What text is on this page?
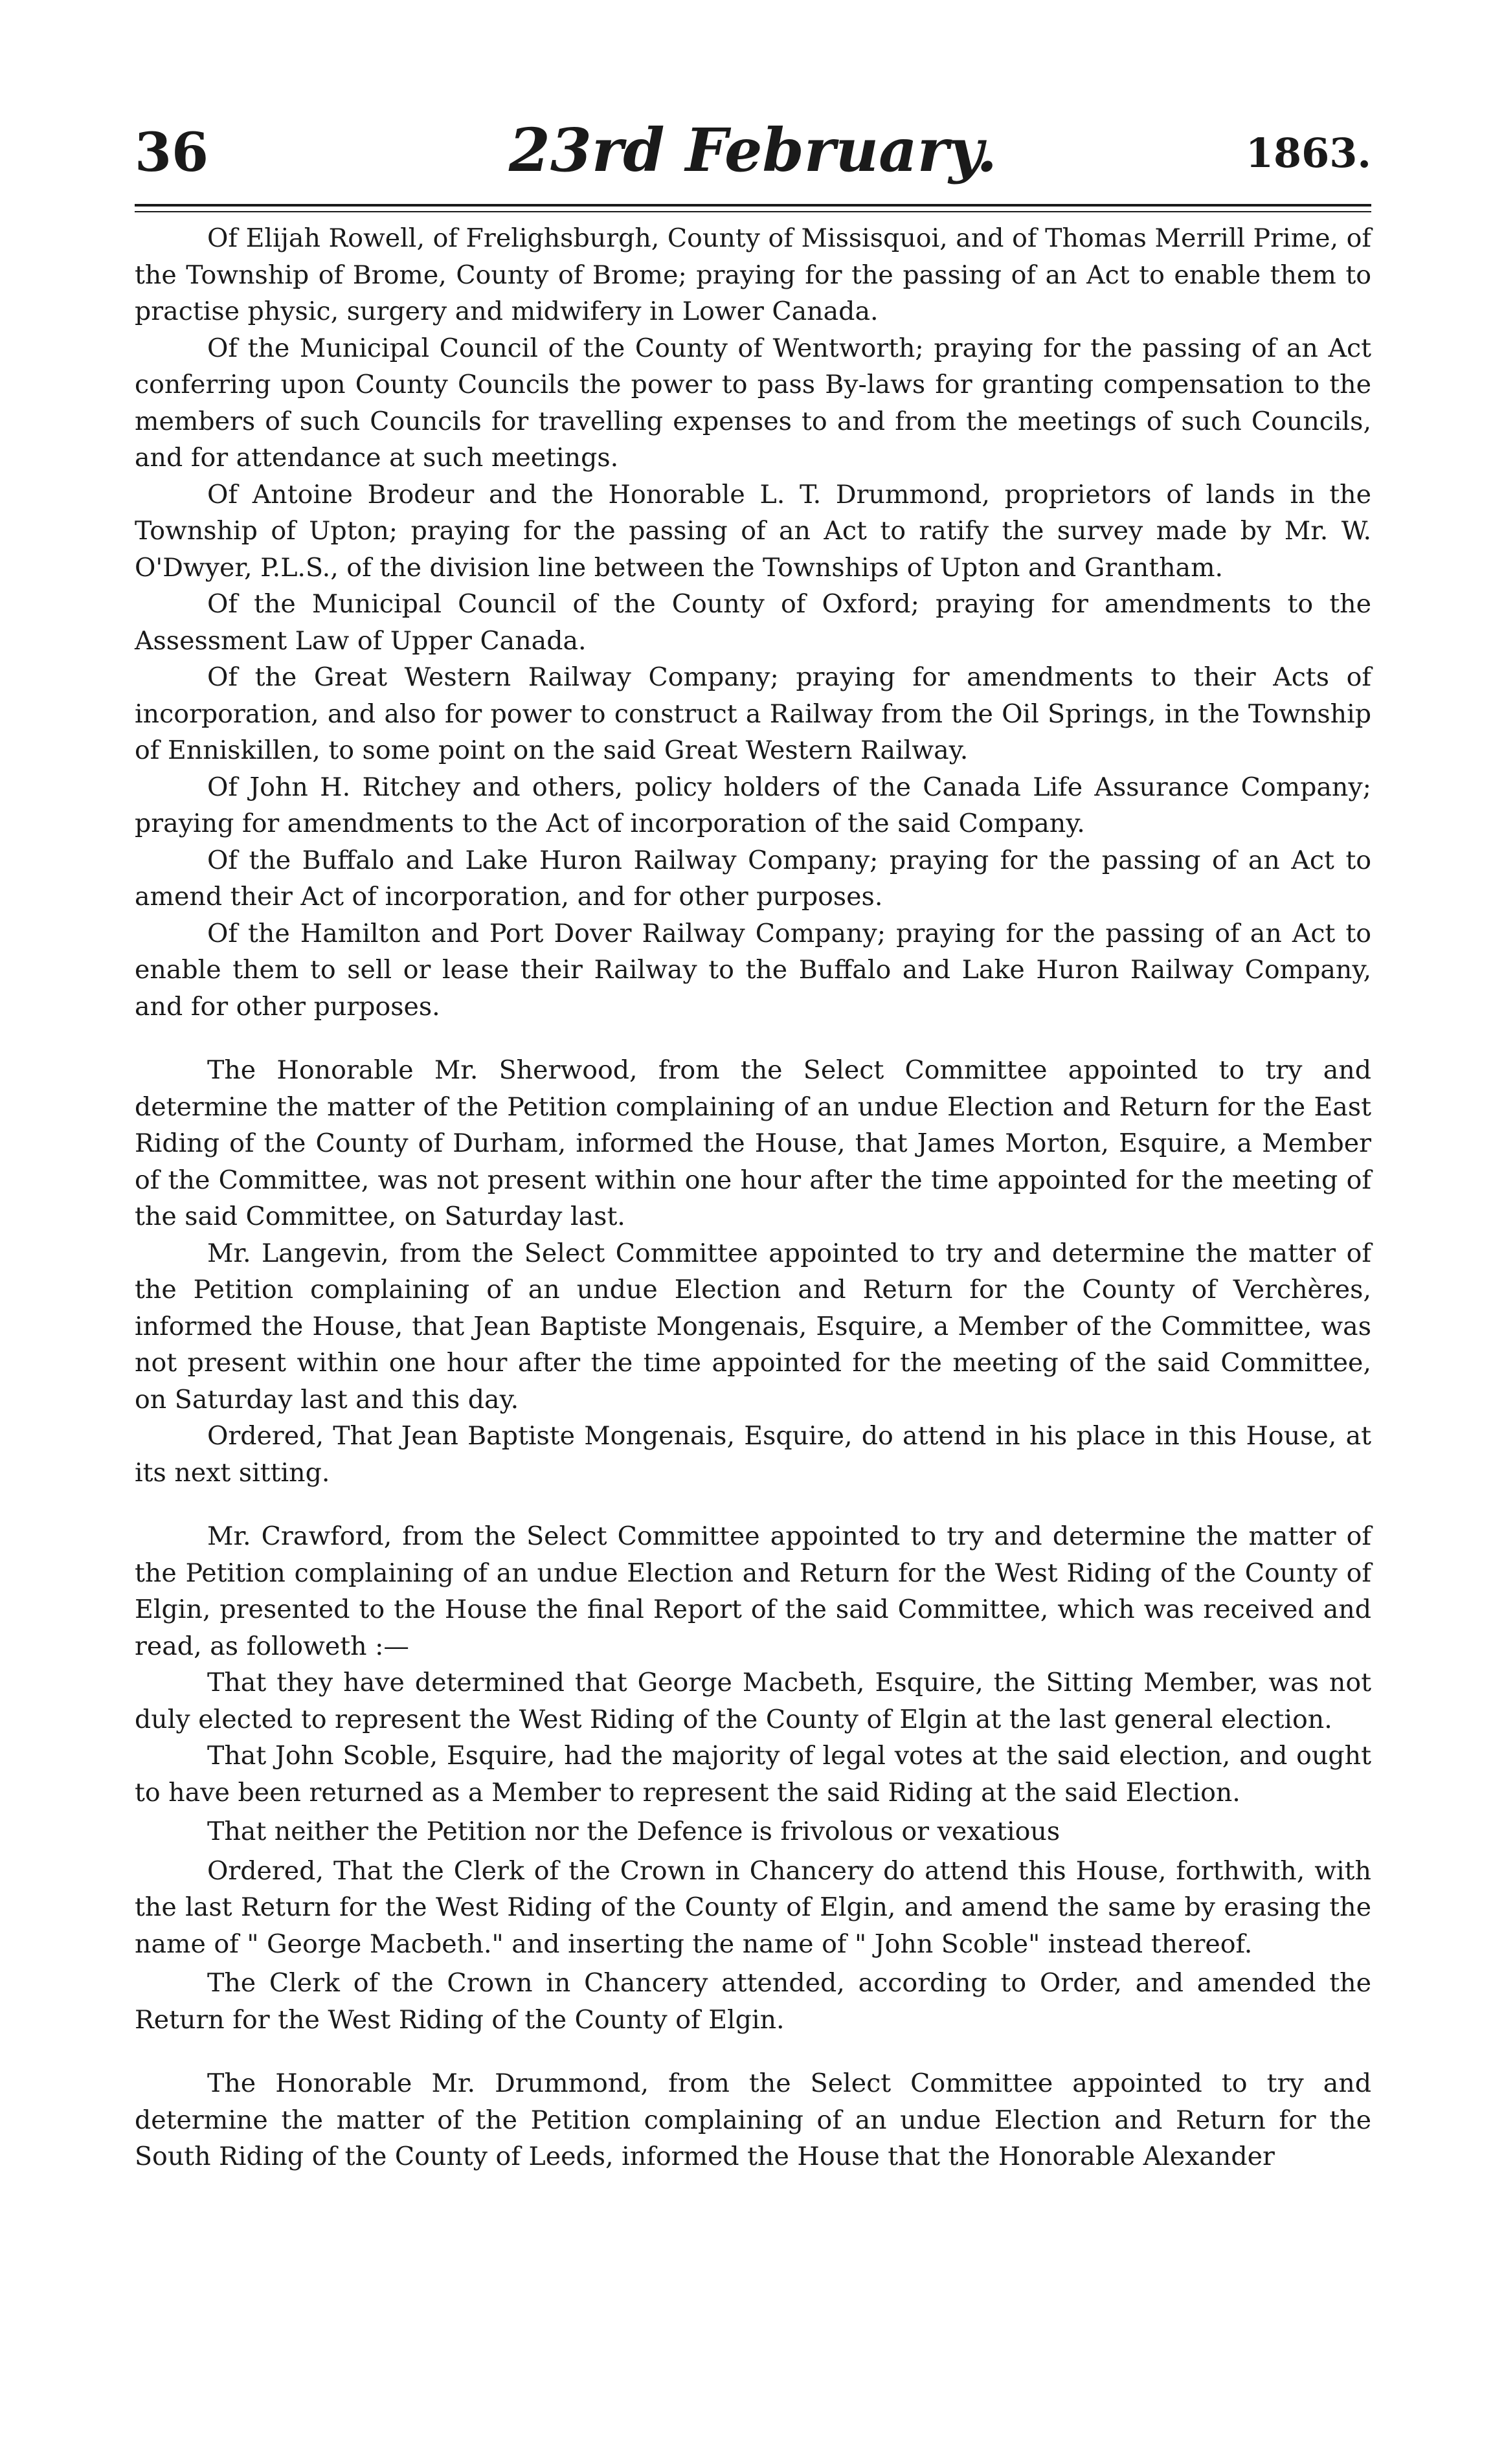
36	23rd February.	1863.

Of Elijah Rowell, of Frelighsburgh, County of Missisquoi, and of Thomas Merrill Prime, of the Township of Brome, County of Brome; praying for the passing of an Act to enable them to practise physic, surgery and midwifery in Lower Canada.

Of the Municipal Council of the County of Wentworth; praying for the passing of an Act conferring upon County Councils the power to pass By-laws for granting compensation to the members of such Councils for travelling expenses to and from the meetings of such Councils, and for attendance at such meetings.

Of Antoine Brodeur and the Honorable L. T. Drummond, proprietors of lands in the Township of Upton; praying for the passing of an Act to ratify the survey made by Mr. W. O'Dwyer, P.L.S., of the division line between the Townships of Upton and Grantham.

Of the Municipal Council of the County of Oxford; praying for amendments to the Assessment Law of Upper Canada.

Of the Great Western Railway Company; praying for amendments to their Acts of incorporation, and also for power to construct a Railway from the Oil Springs, in the Township of Enniskillen, to some point on the said Great Western Railway.

Of John H. Ritchey and others, policy holders of the Canada Life Assurance Company; praying for amendments to the Act of incorporation of the said Company.

Of the Buffalo and Lake Huron Railway Company; praying for the passing of an Act to amend their Act of incorporation, and for other purposes.

Of the Hamilton and Port Dover Railway Company; praying for the passing of an Act to enable them to sell or lease their Railway to the Buffalo and Lake Huron Railway Company, and for other purposes.

The Honorable Mr. Sherwood, from the Select Committee appointed to try and determine the matter of the Petition complaining of an undue Election and Return for the East Riding of the County of Durham, informed the House, that James Morton, Esquire, a Member of the Committee, was not present within one hour after the time appointed for the meeting of the said Committee, on Saturday last.

Mr. Langevin, from the Select Committee appointed to try and determine the matter of the Petition complaining of an undue Election and Return for the County of Verchères, informed the House, that Jean Baptiste Mongenais, Esquire, a Member of the Committee, was not present within one hour after the time appointed for the meeting of the said Committee, on Saturday last and this day.

Ordered, That Jean Baptiste Mongenais, Esquire, do attend in his place in this House, at its next sitting.

Mr. Crawford, from the Select Committee appointed to try and determine the matter of the Petition complaining of an undue Election and Return for the West Riding of the County of Elgin, presented to the House the final Report of the said Committee, which was received and read, as followeth :—

That they have determined that George Macbeth, Esquire, the Sitting Member, was not duly elected to represent the West Riding of the County of Elgin at the last general election.

That John Scoble, Esquire, had the majority of legal votes at the said election, and ought to have been returned as a Member to represent the said Riding at the said Election.

That neither the Petition nor the Defence is frivolous or vexatious

Ordered, That the Clerk of the Crown in Chancery do attend this House, forthwith, with the last Return for the West Riding of the County of Elgin, and amend the same by erasing the name of " George Macbeth." and inserting the name of " John Scoble" instead thereof.

The Clerk of the Crown in Chancery attended, according to Order, and amended the Return for the West Riding of the County of Elgin.

The Honorable Mr. Drummond, from the Select Committee appointed to try and determine the matter of the Petition complaining of an undue Election and Return for the South Riding of the County of Leeds, informed the House that the Honorable Alexander
